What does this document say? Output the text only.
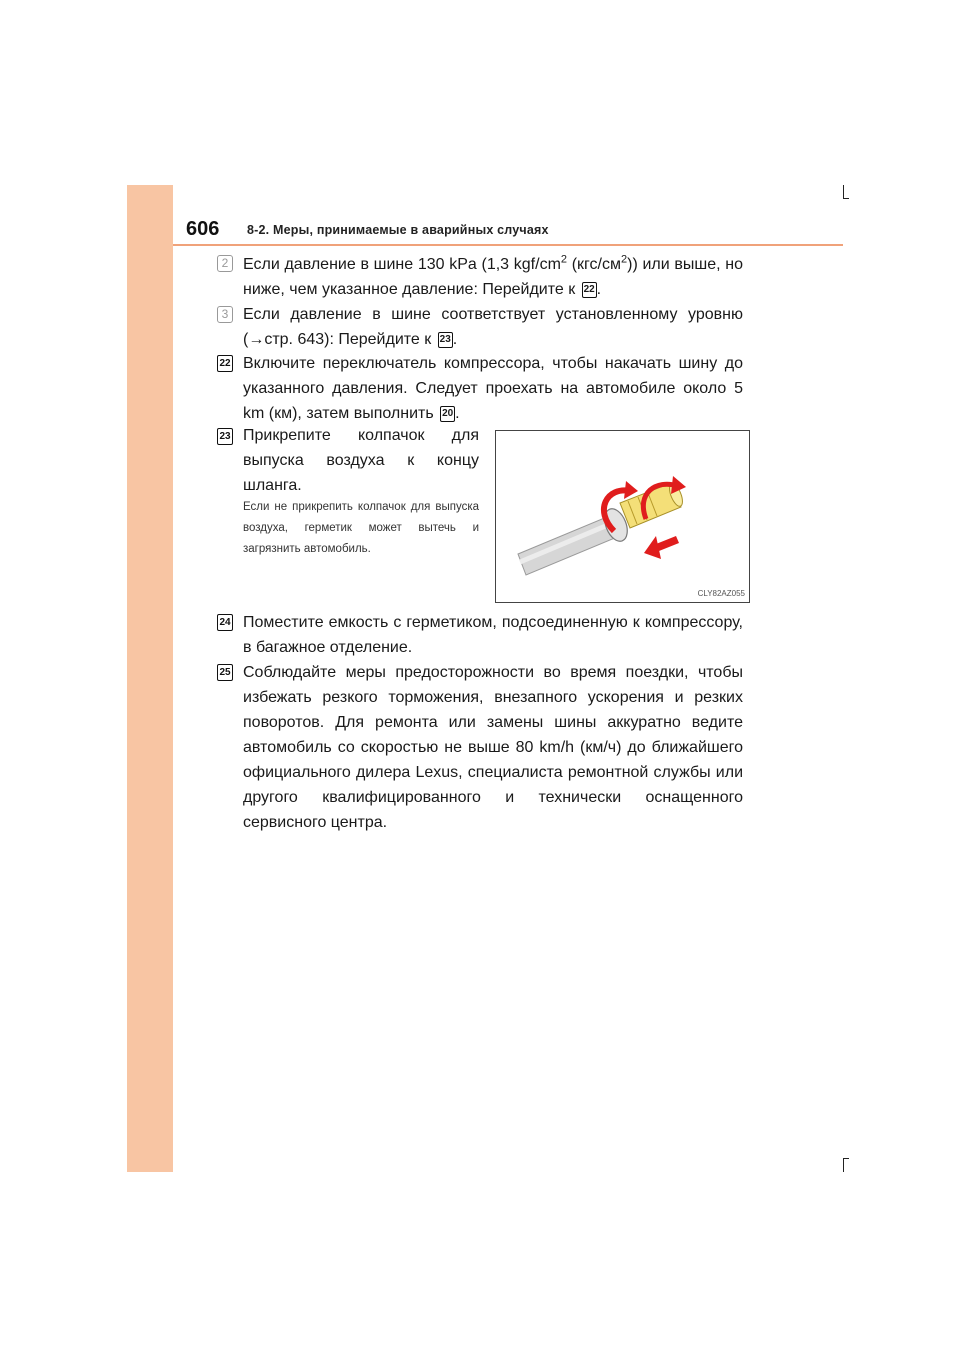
606 8-2. Меры, принимаемые в аварийных случаях
2 Если давление в шине 130 kPa (1,3 kgf/$cm^2$ $(кгс/см^2)$) или выше, но ниже, чем указанное давление: Перейдите к 22 .
3 Если давление в шине соответствует установленному уровню (→стр. 643): Перейдите к 23 .
22 Включите переключатель компрессора, чтобы накачать шину до указанного давления. Следует проехать на автомобиле около 5 km (км), затем выполнить 20 .
23 Прикрепите колпачок для выпуска воздуха к концу шланга.
Если не прикрепить колпачок для выпуска воздуха, герметик может вытечь и загрязнить автомобиль.
CLY82AZ055
24 Поместите емкость с герметиком, подсоединенную к компрессору, в багажное отделение.
25 Соблюдайте меры предосторожности во время поездки, чтобы избежать резкого торможения, внезапного ускорения и резких поворотов. Для ремонта или замены шины аккуратно ведите автомобиль со скоростью не выше 80 km/h (км/ч) до ближайшего официального дилера Lexus, специалиста ремонтной службы или другого квалифицированного и технически оснащенного сервисного центра.
